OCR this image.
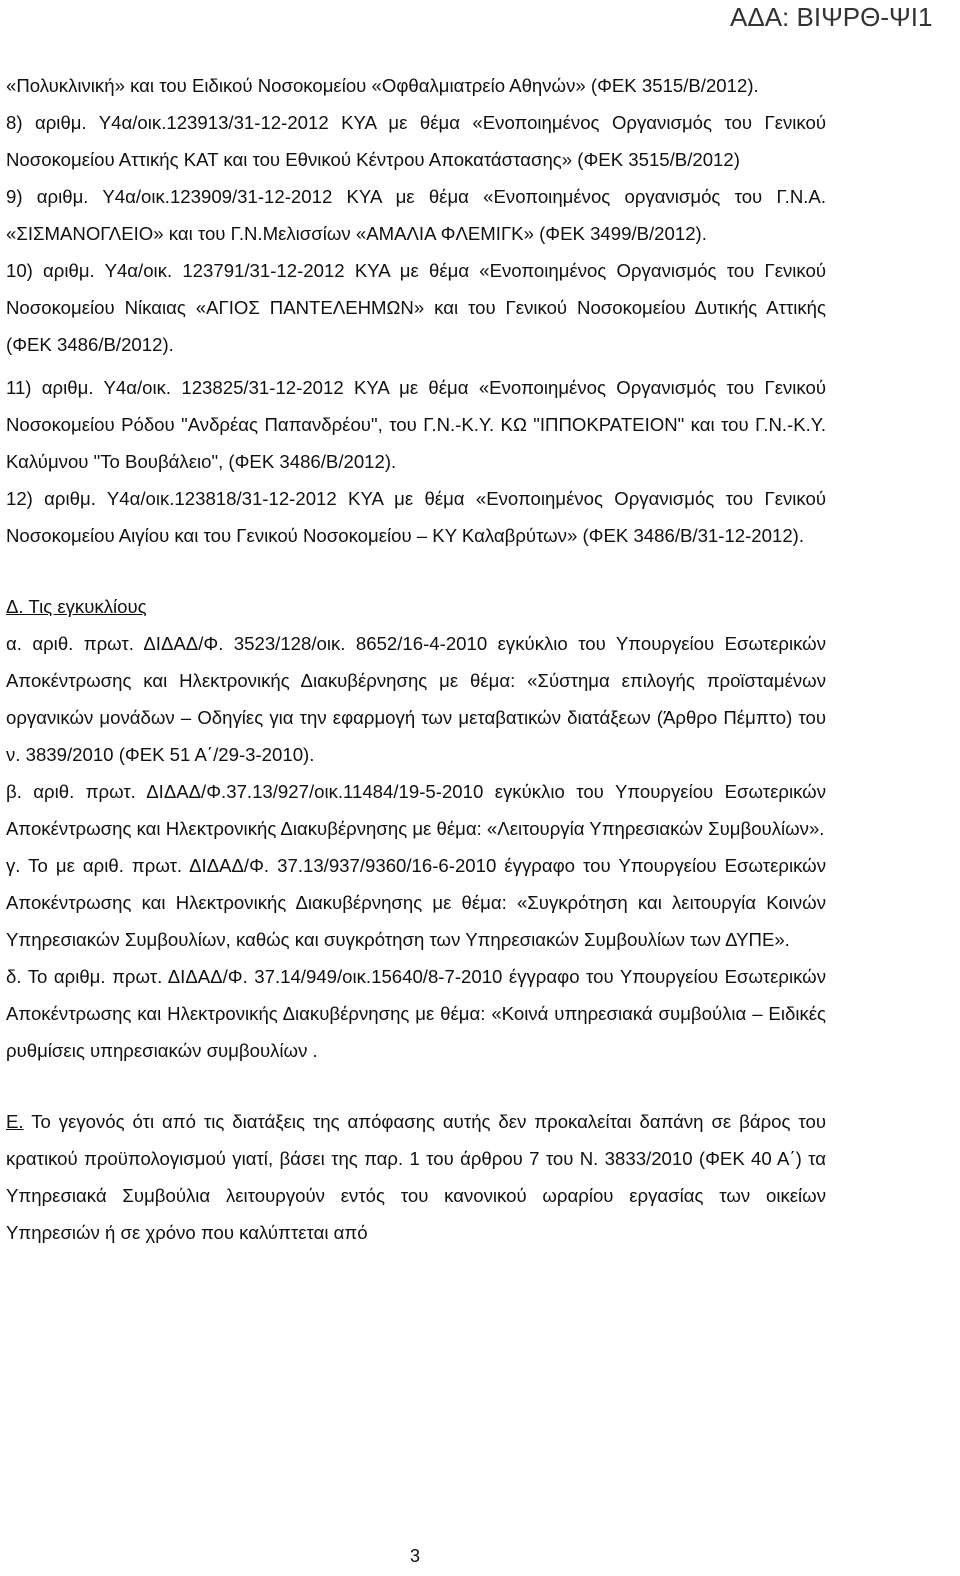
ΑΔΑ: ΒΙΨΡΘ-ΨΙ1

«Πολυκλινική» και του Ειδικού Νοσοκομείου «Οφθαλμιατρείο Αθηνών» (ΦΕΚ 3515/Β/2012).

8) αριθμ. Υ4α/οικ.123913/31-12-2012 ΚΥΑ με θέμα «Ενοποιημένος Οργανισμός του Γενικού Νοσοκομείου Αττικής ΚΑΤ και του Εθνικού Κέντρου Αποκατάστασης» (ΦΕΚ 3515/Β/2012)

9) αριθμ. Υ4α/οικ.123909/31-12-2012 ΚΥΑ με θέμα «Ενοποιημένος οργανισμός του Γ.Ν.Α. «ΣΙΣΜΑΝΟΓΛΕΙΟ» και του Γ.Ν.Μελισσίων «ΑΜΑΛΙΑ ΦΛΕΜΙΓΚ» (ΦΕΚ 3499/Β/2012).

10) αριθμ. Υ4α/οικ. 123791/31-12-2012 ΚΥΑ με θέμα «Ενοποιημένος Οργανισμός του Γενικού Νοσοκομείου Νίκαιας «ΑΓΙΟΣ ΠΑΝΤΕΛΕΗΜΩΝ» και του Γενικού Νοσοκομείου Δυτικής Αττικής (ΦΕΚ 3486/Β/2012).

11) αριθμ. Υ4α/οικ. 123825/31-12-2012 ΚΥΑ με θέμα «Ενοποιημένος Οργανισμός του Γενικού Νοσοκομείου Ρόδου "Ανδρέας Παπανδρέου", του Γ.Ν.-Κ.Υ. ΚΩ "ΙΠΠΟΚΡΑΤΕΙΟΝ" και του Γ.Ν.-Κ.Υ. Καλύμνου "Το Βουβάλειο", (ΦΕΚ 3486/Β/2012).

12) αριθμ. Υ4α/οικ.123818/31-12-2012 ΚΥΑ με θέμα «Ενοποιημένος Οργανισμός του Γενικού Νοσοκομείου Αιγίου και του Γενικού Νοσοκομείου – ΚΥ Καλαβρύτων» (ΦΕΚ 3486/Β/31-12-2012).

Δ. Τις εγκυκλίους

α. αριθ. πρωτ. ΔΙΔΑΔ/Φ. 3523/128/οικ. 8652/16-4-2010 εγκύκλιο του Υπουργείου Εσωτερικών Αποκέντρωσης και Ηλεκτρονικής Διακυβέρνησης με θέμα: «Σύστημα επιλογής προϊσταμένων οργανικών μονάδων – Οδηγίες για την εφαρμογή των μεταβατικών διατάξεων (Άρθρο Πέμπτο) του ν. 3839/2010 (ΦΕΚ 51 Α΄/29-3-2010).

β. αριθ. πρωτ. ΔΙΔΑΔ/Φ.37.13/927/οικ.11484/19-5-2010 εγκύκλιο του Υπουργείου Εσωτερικών Αποκέντρωσης και Ηλεκτρονικής Διακυβέρνησης με θέμα: «Λειτουργία Υπηρεσιακών Συμβουλίων».

γ. Το με αριθ. πρωτ. ΔΙΔΑΔ/Φ. 37.13/937/9360/16-6-2010 έγγραφο του Υπουργείου Εσωτερικών Αποκέντρωσης και Ηλεκτρονικής Διακυβέρνησης με θέμα: «Συγκρότηση και λειτουργία Κοινών Υπηρεσιακών Συμβουλίων, καθώς και συγκρότηση των Υπηρεσιακών Συμβουλίων των ΔΥΠΕ».

δ. Το αριθμ. πρωτ. ΔΙΔΑΔ/Φ. 37.14/949/οικ.15640/8-7-2010 έγγραφο του Υπουργείου Εσωτερικών Αποκέντρωσης και Ηλεκτρονικής Διακυβέρνησης με θέμα: «Κοινά υπηρεσιακά συμβούλια – Ειδικές ρυθμίσεις υπηρεσιακών συμβουλίων .

Ε. Το γεγονός ότι από τις διατάξεις της απόφασης αυτής δεν προκαλείται δαπάνη σε βάρος του κρατικού προϋπολογισμού γιατί, βάσει της παρ. 1 του άρθρου 7 του Ν. 3833/2010 (ΦΕΚ 40 Α΄) τα Υπηρεσιακά Συμβούλια λειτουργούν εντός του κανονικού ωραρίου εργασίας των οικείων Υπηρεσιών ή σε χρόνο που καλύπτεται από

3
